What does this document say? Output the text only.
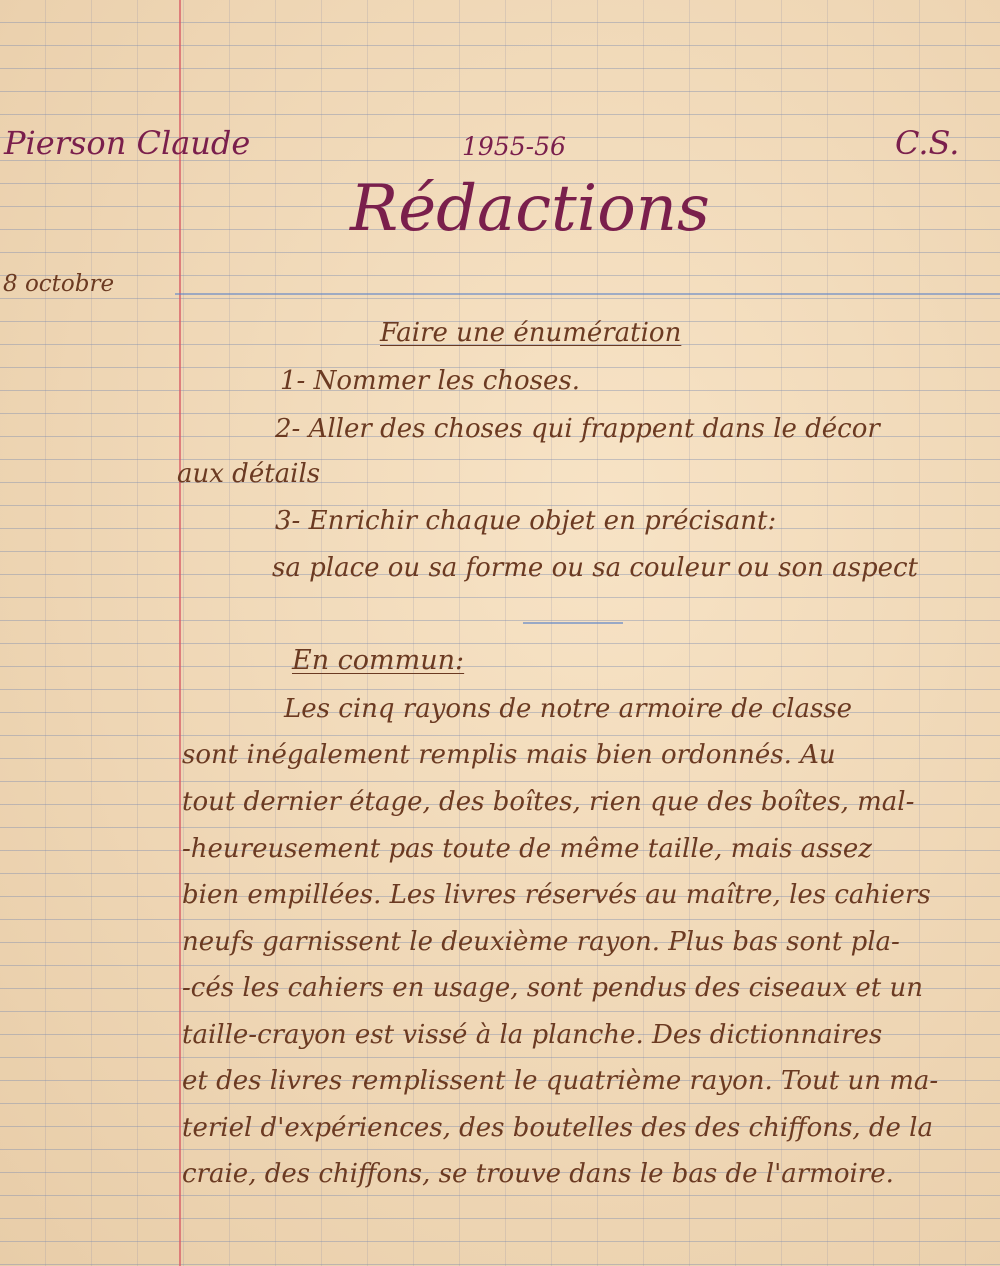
Pierson Claude	1955-56	C.S.

Rédactions

8 octobre

Faire une énumération

1- Nommer les choses.

2- Aller des choses qui frappent dans le décor

aux détails

3- Enrichir chaque objet en précisant:

sa place ou sa forme ou sa couleur ou son aspect

En commun:

Les cinq rayons de notre armoire de classe

sont inégalement remplis mais bien ordonnés. Au

tout dernier étage, des boîtes, rien que des boîtes, mal-

-heureusement pas toute de même taille, mais assez

bien empillées. Les livres réservés au maître, les cahiers

neufs garnissent le deuxième rayon. Plus bas sont pla-

-cés les cahiers en usage, sont pendus des ciseaux et un

taille-crayon est vissé à la planche. Des dictionnaires

et des livres remplissent le quatrième rayon. Tout un ma-

teriel d'expériences, des boutelles des des chiffons, de la

craie, des chiffons, se trouve dans le bas de l'armoire.
